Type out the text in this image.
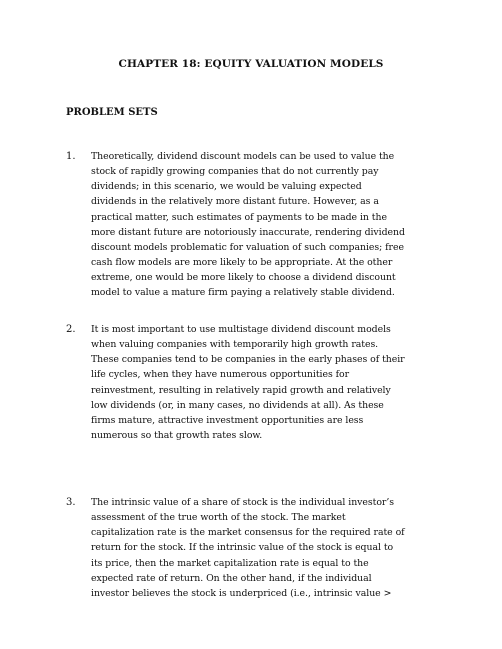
CHAPTER 18: EQUITY VALUATION MODELS
PROBLEM SETS
1. Theoretically, dividend discount models can be used to value the
stock of rapidly growing companies that do not currently pay
dividends; in this scenario, we would be valuing expected
dividends in the relatively more distant future. However, as a
practical matter, such estimates of payments to be made in the
more distant future are notoriously inaccurate, rendering dividend
discount models problematic for valuation of such companies; free
cash flow models are more likely to be appropriate. At the other
extreme, one would be more likely to choose a dividend discount
model to value a mature firm paying a relatively stable dividend.
2. It is most important to use multistage dividend discount models
when valuing companies with temporarily high growth rates.
These companies tend to be companies in the early phases of their
life cycles, when they have numerous opportunities for
reinvestment, resulting in relatively rapid growth and relatively
low dividends (or, in many cases, no dividends at all). As these
firms mature, attractive investment opportunities are less
numerous so that growth rates slow.
3. The intrinsic value of a share of stock is the individual investor’s
assessment of the true worth of the stock. The market
capitalization rate is the market consensus for the required rate of
return for the stock. If the intrinsic value of the stock is equal to
its price, then the market capitalization rate is equal to the
expected rate of return. On the other hand, if the individual
investor believes the stock is underpriced (i.e., intrinsic value >
